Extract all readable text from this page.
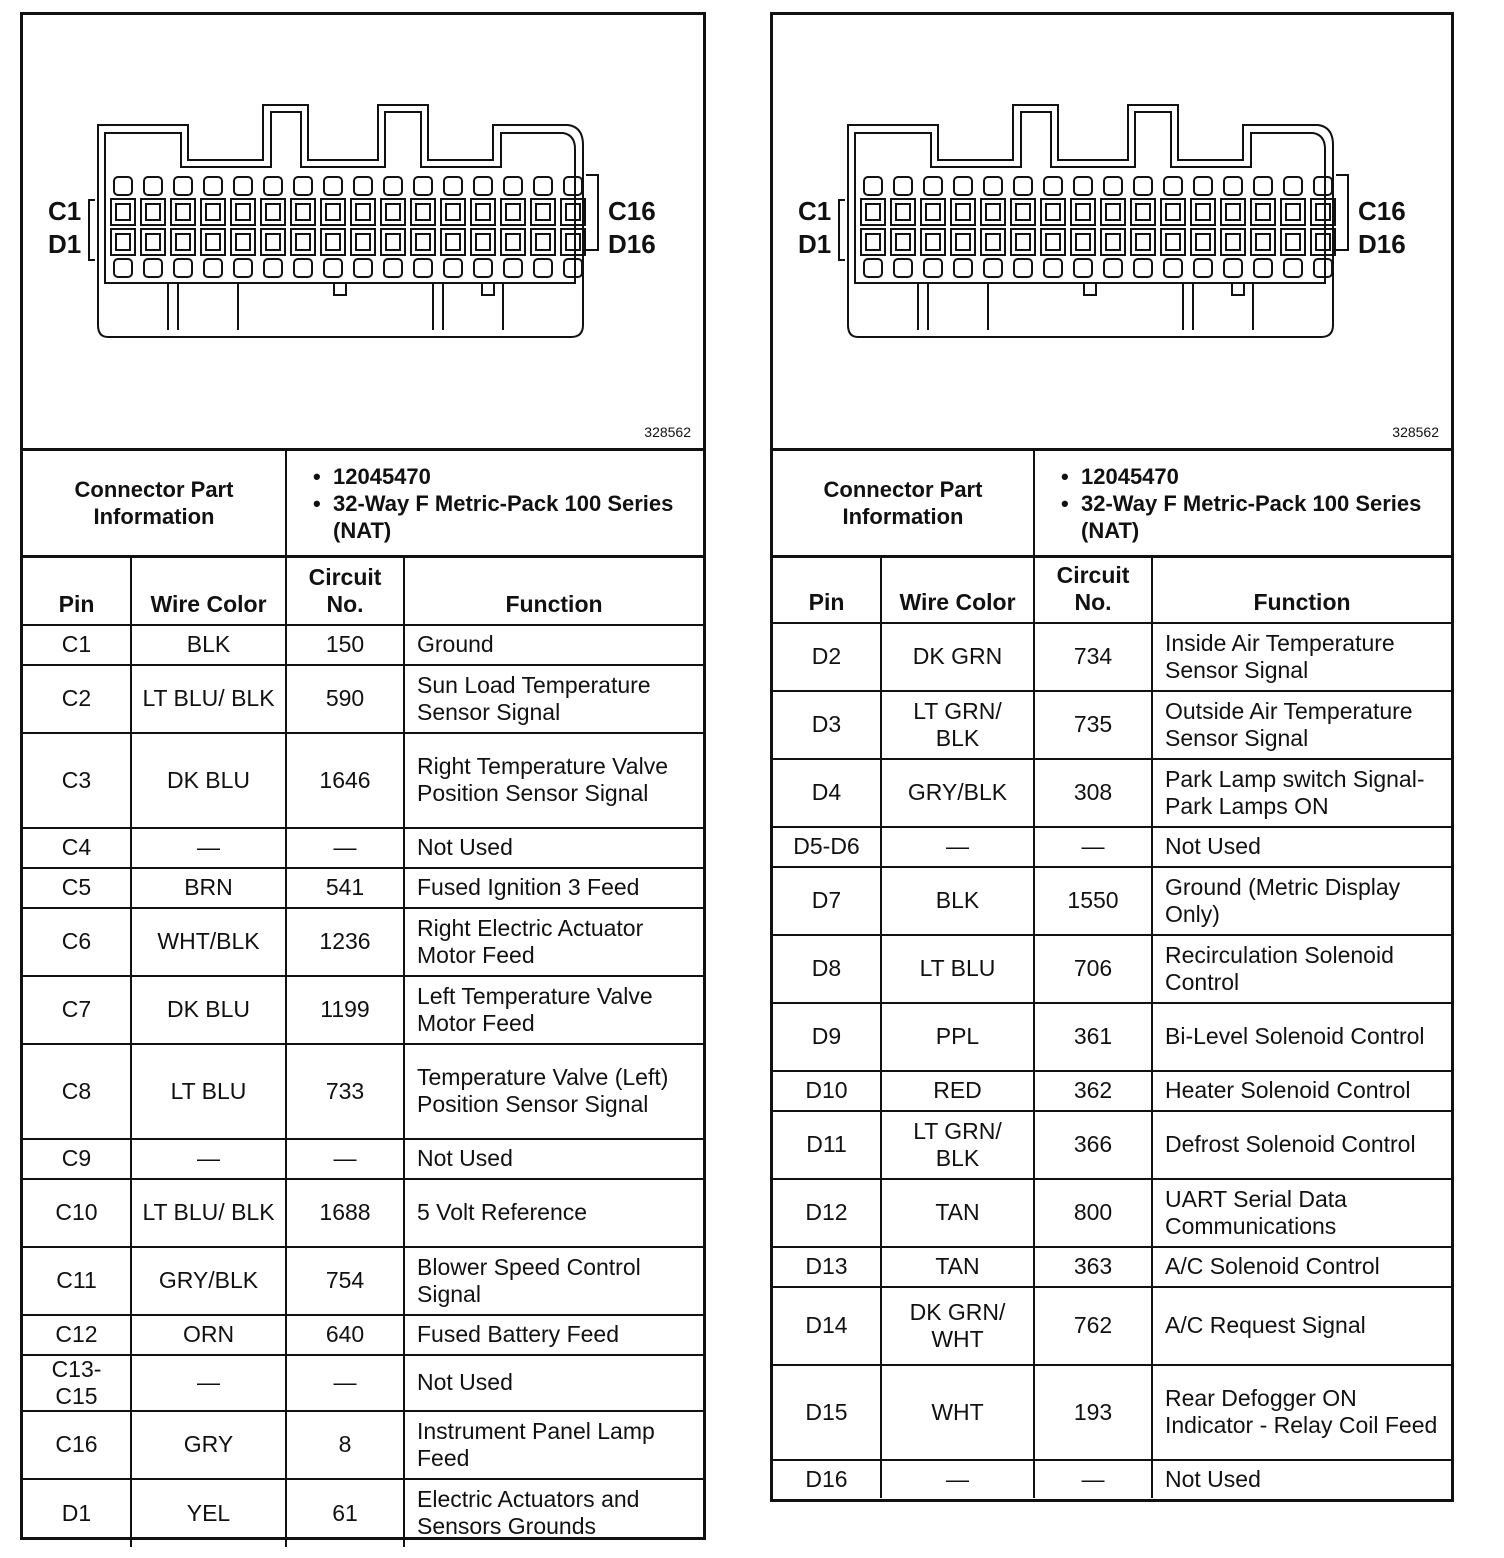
C1
D1
C16
D16
328562
Connector Part Information	
• 12045470
• 32-Way F Metric-Pack 100 Series (NAT)
Pin	Wire Color	Circuit No.	Function
C1	BLK	150	Ground
C2	LT BLU/ BLK	590	Sun Load Temperature Sensor Signal
C3	DK BLU	1646	Right Temperature Valve Position Sensor Signal
C4	—	—	Not Used
C5	BRN	541	Fused Ignition 3 Feed
C6	WHT/BLK	1236	Right Electric Actuator Motor Feed
C7	DK BLU	1199	Left Temperature Valve Motor Feed
C8	LT BLU	733	Temperature Valve (Left) Position Sensor Signal
C9	—	—	Not Used
C10	LT BLU/ BLK	1688	5 Volt Reference
C11	GRY/BLK	754	Blower Speed Control Signal
C12	ORN	640	Fused Battery Feed
C13-C15	—	—	Not Used
C16	GRY	8	Instrument Panel Lamp Feed
D1	YEL	61	Electric Actuators and Sensors Grounds
C1
D1
C16
D16
328562
Connector Part Information	
• 12045470
• 32-Way F Metric-Pack 100 Series (NAT)
Pin	Wire Color	Circuit No.	Function
D2	DK GRN	734	Inside Air Temperature Sensor Signal
D3	LT GRN/ BLK	735	Outside Air Temperature Sensor Signal
D4	GRY/BLK	308	Park Lamp switch Signal-Park Lamps ON
D5-D6	—	—	Not Used
D7	BLK	1550	Ground (Metric Display Only)
D8	LT BLU	706	Recirculation Solenoid Control
D9	PPL	361	Bi-Level Solenoid Control
D10	RED	362	Heater Solenoid Control
D11	LT GRN/ BLK	366	Defrost Solenoid Control
D12	TAN	800	UART Serial Data Communications
D13	TAN	363	A/C Solenoid Control
D14	DK GRN/ WHT	762	A/C Request Signal
D15	WHT	193	Rear Defogger ON Indicator - Relay Coil Feed
D16	—	—	Not Used
